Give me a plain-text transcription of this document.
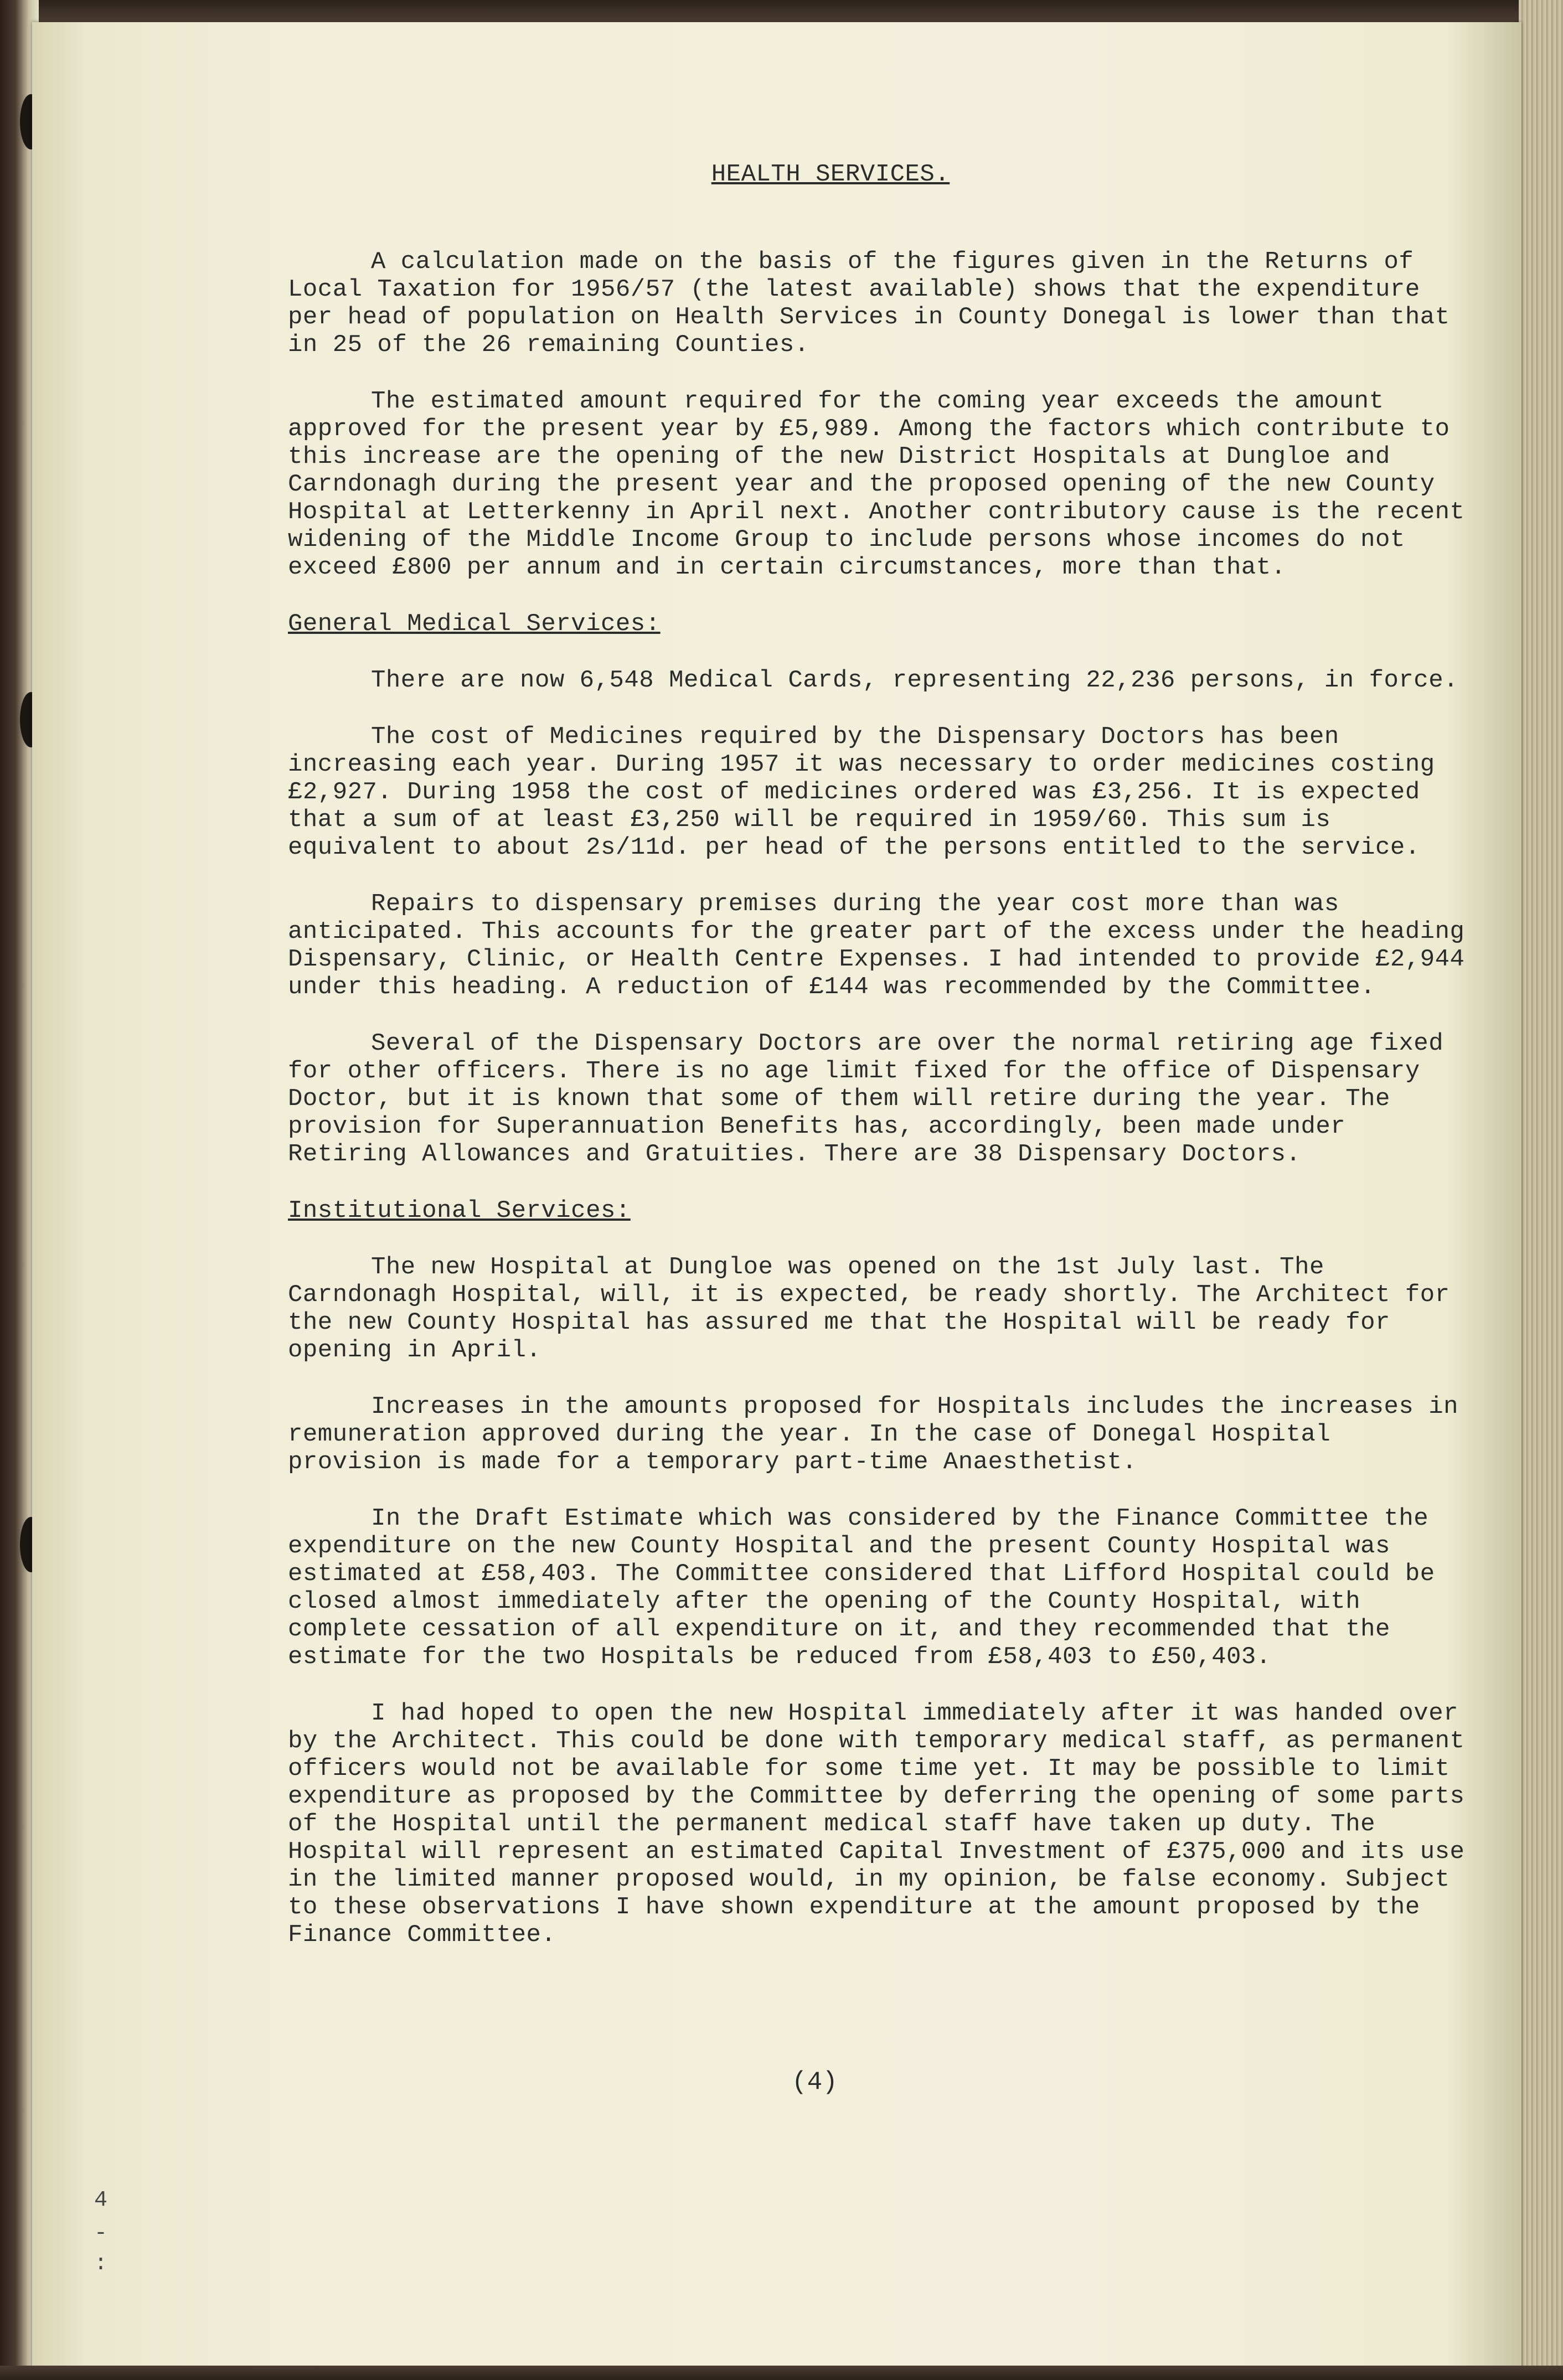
4
-
:
HEALTH SERVICES.

A calculation made on the basis of the figures given in the Returns of Local Taxation for 1956/57 (the latest available) shows that the expenditure per head of population on Health Services in County Donegal is lower than that in 25 of the 26 remaining Counties.

The estimated amount required for the coming year exceeds the amount approved for the present year by £5,989. Among the factors which contribute to this increase are the opening of the new District Hospitals at Dungloe and Carndonagh during the present year and the proposed opening of the new County Hospital at Letterkenny in April next. Another contributory cause is the recent widening of the Middle Income Group to include persons whose incomes do not exceed £800 per annum and in certain circumstances, more than that.

General Medical Services:

There are now 6,548 Medical Cards, representing 22,236 persons, in force.

The cost of Medicines required by the Dispensary Doctors has been increasing each year. During 1957 it was necessary to order medicines costing £2,927. During 1958 the cost of medicines ordered was £3,256. It is expected that a sum of at least £3,250 will be required in 1959/60. This sum is equivalent to about 2s/11d. per head of the persons entitled to the service.

Repairs to dispensary premises during the year cost more than was anticipated. This accounts for the greater part of the excess under the heading Dispensary, Clinic, or Health Centre Expenses. I had intended to provide £2,944 under this heading. A reduction of £144 was recommended by the Committee.

Several of the Dispensary Doctors are over the normal retiring age fixed for other officers. There is no age limit fixed for the office of Dispensary Doctor, but it is known that some of them will retire during the year. The provision for Superannuation Benefits has, accordingly, been made under Retiring Allowances and Gratuities. There are 38 Dispensary Doctors.

Institutional Services:

The new Hospital at Dungloe was opened on the 1st July last. The Carndonagh Hospital, will, it is expected, be ready shortly. The Architect for the new County Hospital has assured me that the Hospital will be ready for opening in April.

Increases in the amounts proposed for Hospitals includes the increases in remuneration approved during the year. In the case of Donegal Hospital provision is made for a temporary part-time Anaesthetist.

In the Draft Estimate which was considered by the Finance Committee the expenditure on the new County Hospital and the present County Hospital was estimated at £58,403. The Committee considered that Lifford Hospital could be closed almost immediately after the opening of the County Hospital, with complete cessation of all expenditure on it, and they recommended that the estimate for the two Hospitals be reduced from £58,403 to £50,403.

I had hoped to open the new Hospital immediately after it was handed over by the Architect. This could be done with temporary medical staff, as permanent officers would not be available for some time yet. It may be possible to limit expenditure as proposed by the Committee by deferring the opening of some parts of the Hospital until the permanent medical staff have taken up duty. The Hospital will represent an estimated Capital Investment of £375,000 and its use in the limited manner proposed would, in my opinion, be false economy. Subject to these observations I have shown expenditure at the amount proposed by the Finance Committee.

(4)
